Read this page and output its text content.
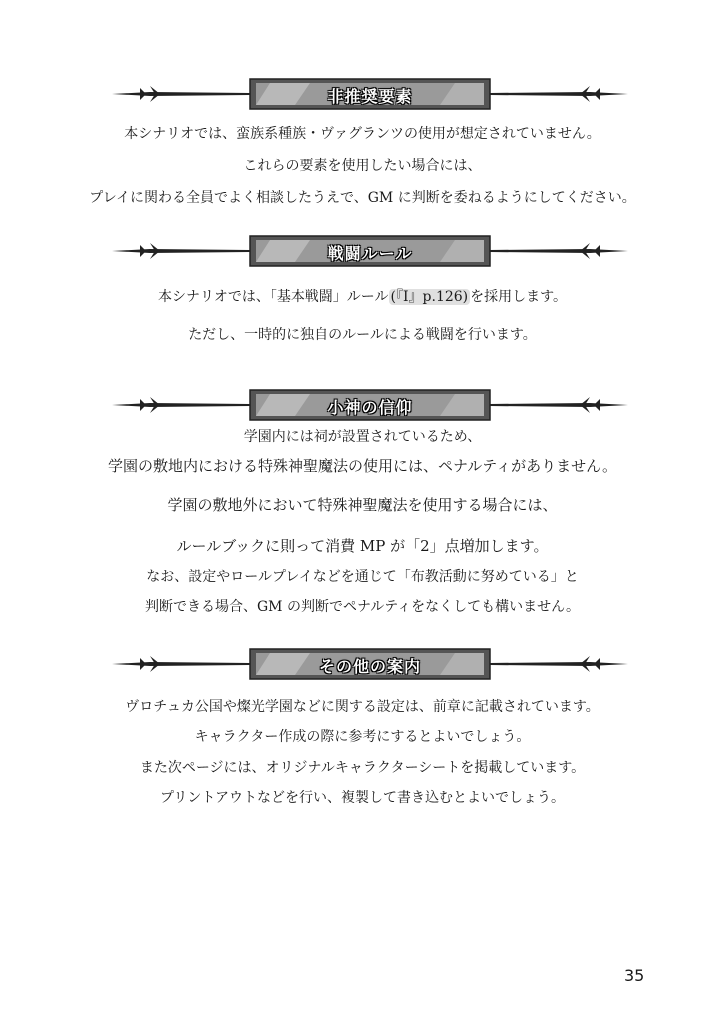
非推奨要素
本シナリオでは、蛮族系種族・ヴァグランツの使用が想定されていません。
これらの要素を使用したい場合には、
プレイに関わる全員でよく相談したうえで、GM に判断を委ねるようにしてください。
戦闘ルール
本シナリオでは、「基本戦闘」ルール (『Ⅰ』p.126) を採用します。
ただし、一時的に独自のルールによる戦闘を行います。
小神の信仰
学園内には祠が設置されているため、
学園の敷地内における特殊神聖魔法の使用には、ペナルティがありません。
学園の敷地外において特殊神聖魔法を使用する場合には、
ルールブックに則って消費 MP が「2」点増加します。
なお、設定やロールプレイなどを通じて「布教活動に努めている」と
判断できる場合、GM の判断でペナルティをなくしても構いません。
その他の案内
ヴロチュカ公国や燦光学園などに関する設定は、前章に記載されています。
キャラクター作成の際に参考にするとよいでしょう。
また次ページには、オリジナルキャラクターシートを掲載しています。
プリントアウトなどを行い、複製して書き込むとよいでしょう。
35
